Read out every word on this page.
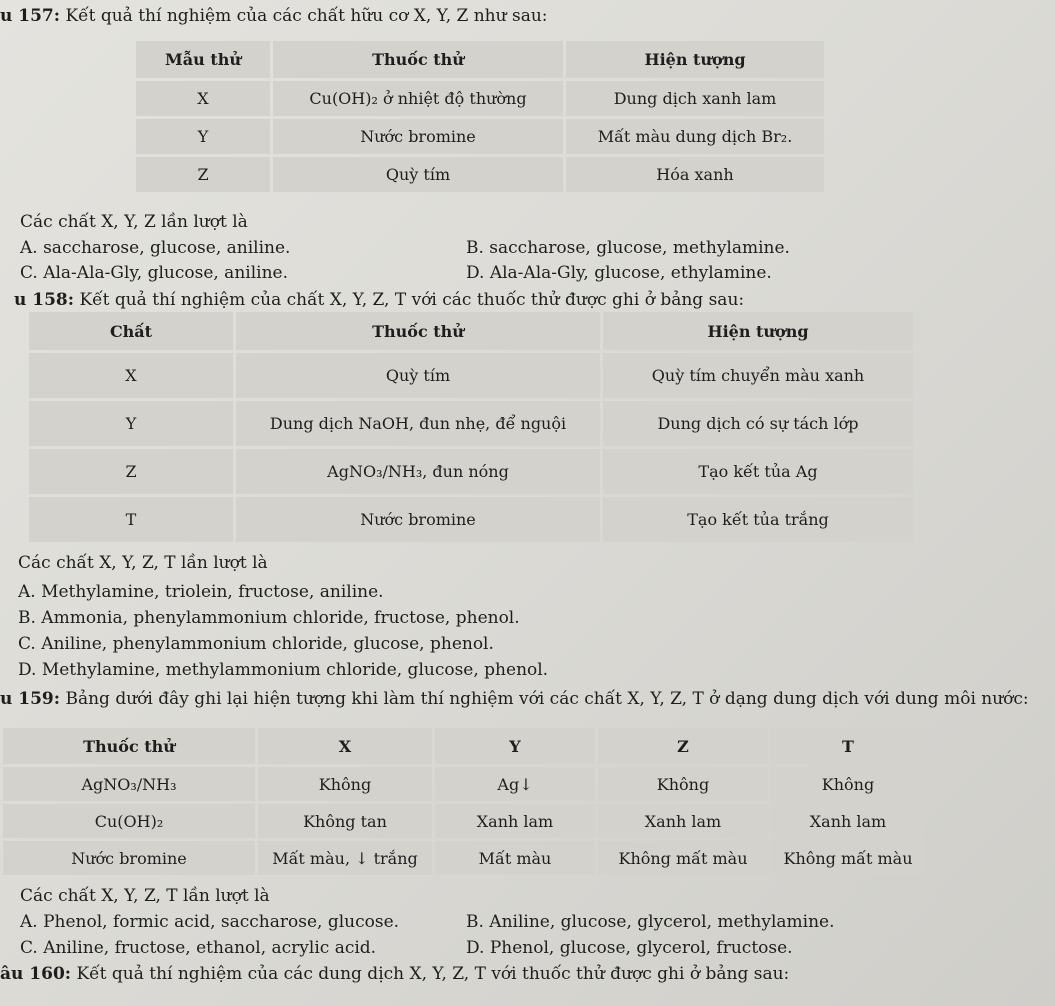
u 157: Kết quả thí nghiệm của các chất hữu cơ X, Y, Z như sau:
Mẫu thử	Thuốc thử	Hiện tượng
X	Cu(OH)₂ ở nhiệt độ thường	Dung dịch xanh lam
Y	Nước bromine	Mất màu dung dịch Br₂.
Z	Quỳ tím	Hóa xanh
Các chất X, Y, Z lần lượt là
A. saccharose, glucose, aniline.	B. saccharose, glucose, methylamine.
C. Ala-Ala-Gly, glucose, aniline.	D. Ala-Ala-Gly, glucose, ethylamine.
u 158: Kết quả thí nghiệm của chất X, Y, Z, T với các thuốc thử được ghi ở bảng sau:
Chất	Thuốc thử	Hiện tượng
X	Quỳ tím	Quỳ tím chuyển màu xanh
Y	Dung dịch NaOH, đun nhẹ, để nguội	Dung dịch có sự tách lớp
Z	AgNO₃/NH₃, đun nóng	Tạo kết tủa Ag
T	Nước bromine	Tạo kết tủa trắng
Các chất X, Y, Z, T lần lượt là
A. Methylamine, triolein, fructose, aniline.
B. Ammonia, phenylammonium chloride, fructose, phenol.
C. Aniline, phenylammonium chloride, glucose, phenol.
D. Methylamine, methylammonium chloride, glucose, phenol.
u 159: Bảng dưới đây ghi lại hiện tượng khi làm thí nghiệm với các chất X, Y, Z, T ở dạng dung dịch với dung môi nước:
Thuốc thử	X	Y	Z	T
AgNO₃/NH₃	Không	Ag↓	Không	Không
Cu(OH)₂	Không tan	Xanh lam	Xanh lam	Xanh lam
Nước bromine	Mất màu, ↓ trắng	Mất màu	Không mất màu	Không mất màu
Các chất X, Y, Z, T lần lượt là
A. Phenol, formic acid, saccharose, glucose.	B. Aniline, glucose, glycerol, methylamine.
C. Aniline, fructose, ethanol, acrylic acid.	D. Phenol, glucose, glycerol, fructose.
âu 160: Kết quả thí nghiệm của các dung dịch X, Y, Z, T với thuốc thử được ghi ở bảng sau:
